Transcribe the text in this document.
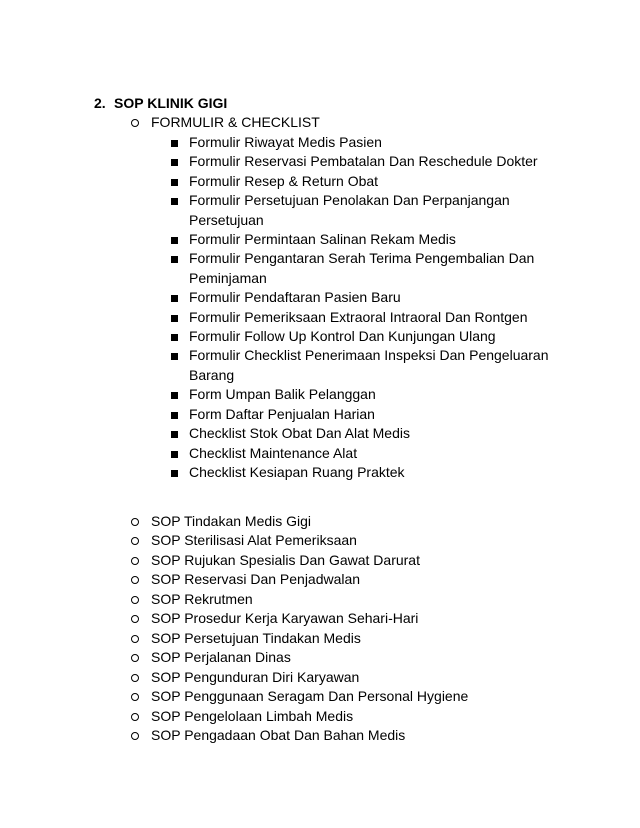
2. SOP KLINIK GIGI
FORMULIR & CHECKLIST
Formulir Riwayat Medis Pasien
Formulir Reservasi Pembatalan Dan Reschedule Dokter
Formulir Resep & Return Obat
Formulir Persetujuan Penolakan Dan Perpanjangan Persetujuan
Formulir Permintaan Salinan Rekam Medis
Formulir Pengantaran Serah Terima Pengembalian Dan Peminjaman
Formulir Pendaftaran Pasien Baru
Formulir Pemeriksaan Extraoral Intraoral Dan Rontgen
Formulir Follow Up Kontrol Dan Kunjungan Ulang
Formulir Checklist Penerimaan Inspeksi Dan Pengeluaran Barang
Form Umpan Balik Pelanggan
Form Daftar Penjualan Harian
Checklist Stok Obat Dan Alat Medis
Checklist Maintenance Alat
Checklist Kesiapan Ruang Praktek
SOP Tindakan Medis Gigi
SOP Sterilisasi Alat Pemeriksaan
SOP Rujukan Spesialis Dan Gawat Darurat
SOP Reservasi Dan Penjadwalan
SOP Rekrutmen
SOP Prosedur Kerja Karyawan Sehari-Hari
SOP Persetujuan Tindakan Medis
SOP Perjalanan Dinas
SOP Pengunduran Diri Karyawan
SOP Penggunaan Seragam Dan Personal Hygiene
SOP Pengelolaan Limbah Medis
SOP Pengadaan Obat Dan Bahan Medis
